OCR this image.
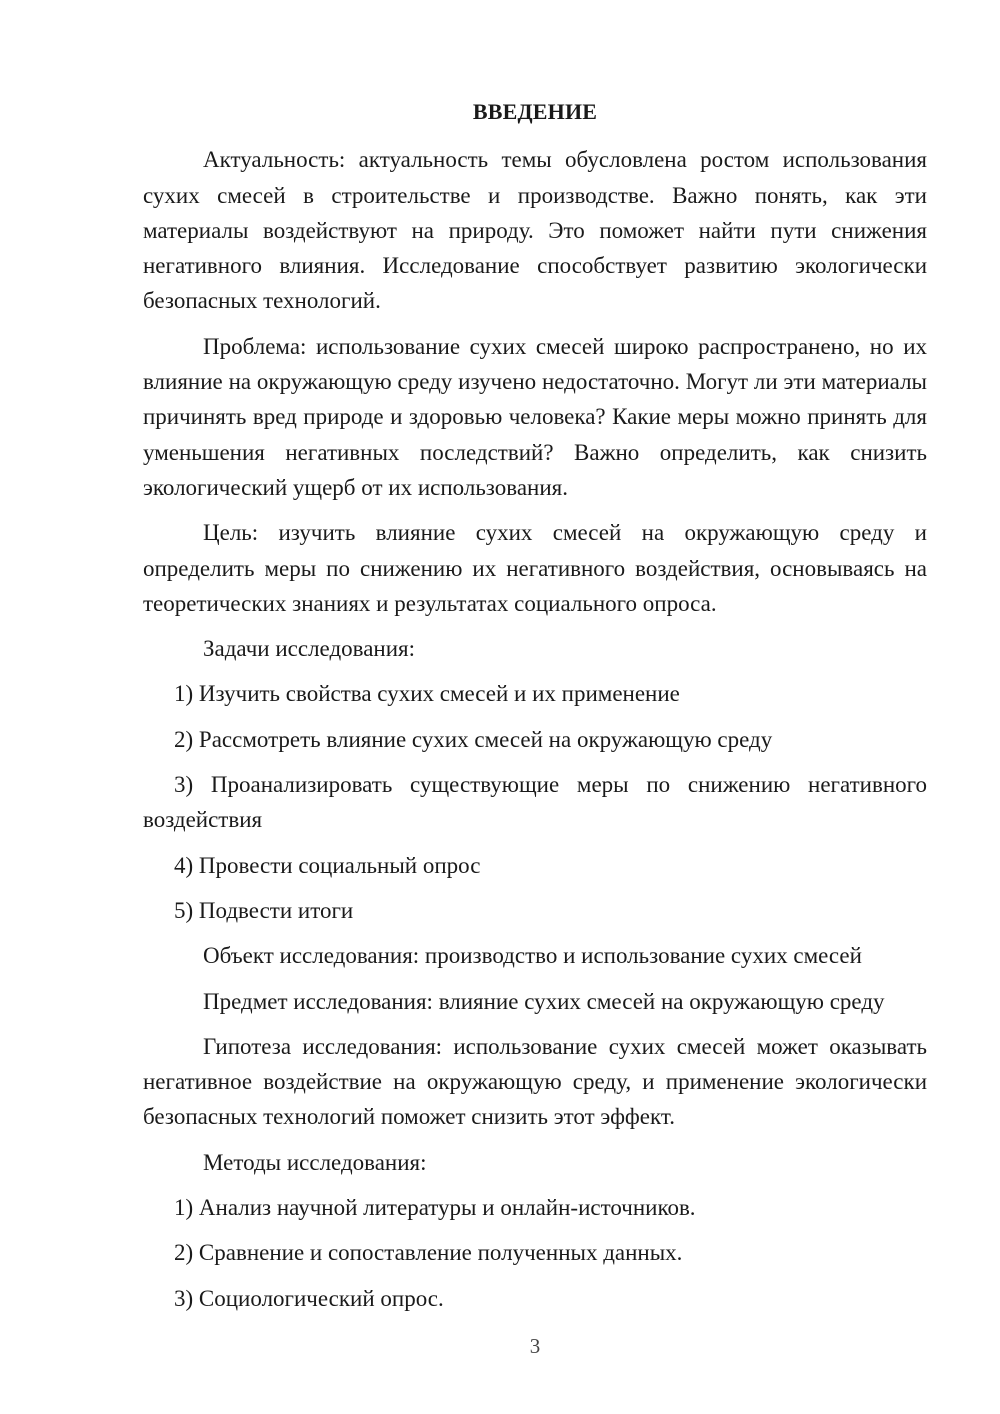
ВВЕДЕНИЕ

Актуальность: актуальность темы обусловлена ростом использования сухих смесей в строительстве и производстве. Важно понять, как эти материалы воздействуют на природу. Это поможет найти пути снижения негативного влияния. Исследование способствует развитию экологически безопасных технологий.

Проблема: использование сухих смесей широко распространено, но их влияние на окружающую среду изучено недостаточно. Могут ли эти материалы причинять вред природе и здоровью человека? Какие меры можно принять для уменьшения негативных последствий? Важно определить, как снизить экологический ущерб от их использования.

Цель: изучить влияние сухих смесей на окружающую среду и определить меры по снижению их негативного воздействия, основываясь на теоретических знаниях и результатах социального опроса.

Задачи исследования:

1) Изучить свойства сухих смесей и их применение

2) Рассмотреть влияние сухих смесей на окружающую среду

3) Проанализировать существующие меры по снижению негативного воздействия

4) Провести социальный опрос

5) Подвести итоги

Объект исследования: производство и использование сухих смесей

Предмет исследования: влияние сухих смесей на окружающую среду

Гипотеза исследования: использование сухих смесей может оказывать негативное воздействие на окружающую среду, и применение экологически безопасных технологий поможет снизить этот эффект.

Методы исследования:

1) Анализ научной литературы и онлайн-источников.

2) Сравнение и сопоставление полученных данных.

3) Социологический опрос.

3
